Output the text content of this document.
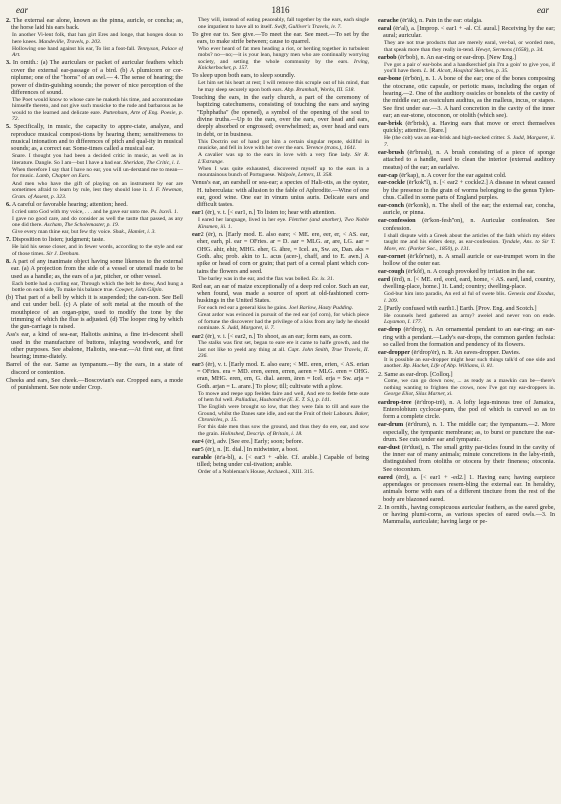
ear	1816	ear

2. The external ear alone, known as the pinna, auricle, or concha; as, the horse laid his ears back.

In another Vi-lent folk, that han girt Eres and longe, that hongen doun to here knees. Mandeville, Travels, p. 203.

Hollowing one hand against his ear, To list a foot-fall. Tennyson, Palace of Art.

3. In ornith.: (a) The auriculars or packet of auricular feathers which cover the external ear-passage of a bird. (b) A plumicorn or cor-niplume; one of the "horns" of an owl.— 4. The sense of hearing; the power of distin-guishing sounds; the power of nice perception of the differences of sound.

The Poet would know to whose care he maketh his time, and accommodate himselfe thereto, and not give such musicke to the rude and barbarous as he would to the learned and delicate eare. Puttenham, Arte of Eng. Poesie, p. 72.

5. Specifically, in music, the capacity to appre-ciate, analyze, and reproduce musical composi-tions by hearing them; sensitiveness to musical intonation and to differences of pitch and qual-ity in musical sounds; as, a correct ear. Some-times called a musical ear.

Snare. I thought you had been a decided critic in music, as well as in literature. Dangle. So I am—but I have a bad ear. Sheridan, The Critic, i. 1.

When therefore I say that I have no ear, you will un-derstand me to mean—for music. Lamb, Chapter on Ears.

And men who have the gift of playing on an instrument by ear are sometimes afraid to learn by rule, lest they should lose it. J. F. Newman, Gram. of Assent, p. 323.

6. A careful or favorable hearing; attention; heed.

I cried unto God with my voice, . . . and he gave ear unto me. Ps. lxxvii. 1.

I gave no good care, and do consider as well the tastte that passed, as any one did there. Ascham, The Scholemaster, p. 19.

Give every man thine ear, but few thy voice. Shak., Hamlet, i. 3.

7. Disposition to listen; judgment; taste.

He laid his sense closer, and in fewer words, according to the style and ear of those times. Sir J. Denham.

8. A part of any inanimate object having some likeness to the external ear. (a) A projection from the side of a vessel or utensil made to be used as a handle; as, the ears of a jar, pitcher, or other vessel.

Each bottle had a curling ear, Through which the belt he drew, And hung a bottle on each side, To make his balance true. Cowper, John Gilpin.

(b) That part of a bell by which it is suspended; the can-non. See Bell and cut under bell. (c) A plate of soft metal at the mouth of the mouthpiece of an organ-pipe, used to modify the tone by the trimming of which the flue is adjusted. (d) The looper ring by which the gun-carriage is raised.

Ass's ear, a kind of sea-ear, Haliotis asinina, a fine iri-descent shell used in the manufacture of buttons, inlaying woodwork, and for other purposes. See abalone, Haliotis, sea-ear.—At first ear, at first hearing; imme-diately.

Barrel of the ear. Same as tympanum.—By the ears, in a state of discord or contention.

Cheeks and ears, See cheek.—Boscovian's ear. Cropped ears, a mode of punishment. See note under Crop.

They will, instead of eating peaceably, fall together by the ears, each single one impatient to have all to itself. Swift, Gulliver's Travels, iv. 7.

To give ear to. See give.—To meet the ear. See meet.—To set by the ears, to make strife between; cause to quarrel.

Who ever heard of fat men heading a riot, or herding together in turbulent mobs? no—no;—it is your lean, hungry men who are continually worrying society, and setting the whole community by the ears. Irving, Knickerbocker, p. 157.

To sleep upon both ears, to sleep soundly.

Let him set his heart at rest; I will remove this scruple out of his mind, that he may sleep securely upon both ears. Abp. Bramhall, Works, III. 518.

Touching the ears, in the early church, a part of the ceremony of baptizing catechumens, consisting of touching the ears and saying "Ephphatha" (be opened), a symbol of the opening of the soul to divine truths.—Up to the ears, over the ears, over head and ears, deeply absorbed or engrossed; overwhelmed; as, over head and ears in debt, or in business.

This Doctrin out of hand got him a certain singular repute, skillful in musicke, and fell in love with her over the ears. Terence (trans.), 1641.

A cavalier was up to the ears in love with a very fine lady. Sir R. L'Estrange.

When I was quite exhausted, discovered myself up to the ears in a mountainous bunch of Portuguese. Walpole, Letters, II. 358.

Venus's ear, an earshell or sea-ear; a species of Hali-otis, as the oyster, H. tuberculata: with allusion to the fable of Aphrodite.—Wine of one ear, good wine. One ear in vinum unius auris. Delicate ears and difficult tastes.

ear1 (ēr), v. t. [< ear1, n.] To listen to; hear with attention.

I eared her language, lived in her eye. Fletcher (and another), Two Noble Kinsmen, iii. 1.

ear2 (ēr), n. [Early mod. E. also eare; < ME. ere, eer, er, < AS. ear, eher, earh, pl. ear = OFries. ar = D. aar = MLG. ar, are, LG. aar = OHG. ahir, ehir, MHG. eher, G. ähre, = Icel. ax, Sw. ax, Dan. aks = Goth. ahs; prob. akin to L. acus (acer-), chaff, and to E. awn.] A spike or head of corn or grain; that part of a cereal plant which con-tains the flowers and seed.

The barley was in the ear, and the flax was bolled. Ex. ix. 31.

Red ear, an ear of maize exceptionally of a deep red color. Such an ear, when found, was made a source of sport at old-fashioned corn-huskings in the United States.

For each red ear a general kiss he gains. Joel Barlow, Hasty Pudding.

Great ardor was evinced in pursuit of the red ear (of corn), for which piece of fortune the discoverer had the privilege of a kiss from any lady he should nominate. S. Judd, Margaret, ii. 7.

ear2 (ēr), v. i. [< ear2, n.] To shoot, as an ear; form ears, as corn.

The stalks was first set, began to eare ere it came to halfe growth, and the last not like to yeeld any thing at all. Capt. John Smith, True Travels, II. 236.

ear3 (ēr), v. t. [Early mod. E. also eare; < ME. eren, erien, < AS. erian = OFries. era = MD. eren, eeren, erren, aeren = MLG. eren = OHG. eran, MHG. eren, ern, G. dial. aeren, ären = Icel. erja = Sw. arja = Goth. arjan = L. arare.] To plow; till; cultivate with a plow.

To mowe and reepe upp feeldes faire and well, And ere to feelde fette oute of hem ful well. Palladius, Husbondrie (E. E. T. S.), p. 141.

The English were brought so low, that they were fain to till and eare the Ground, whilst the Danes sate idle, and eat the Fruit of their Labours. Baker, Chronicles, p. 15.

For this dale men thus sow the ground, and thus they do ere, ear, and sow the grain. Holinshed, Descrip. of Britain, i. 18.

ear4 (ēr), adv. [See ere.] Early; soon; before.

ear5 (ēr), n. [E. dial.] In midwinter, a boot.

earable (ēr'a-bl), a. [< ear3 + -able. Cf. arable.] Capable of being tilled; being under cul-tivation; arable.

Order of a Nobleman's House, Archaeol., XIII. 315.

earache (ēr'āk), n. Pain in the ear: otalgia.

earal (ēr'al), a. [Improp. < ear1 + -al. Cf. aural.] Receiving by the ear; aural; auricular.

They are not true products that are merely earal, ver-bal, or worded men, that speak more than they really in-tend. Hewyt, Sermons (1658), p. 34.

earbob (ēr'bob), n. An ear-ring or ear-drop. [New Eng.]

I've got a pair o' ear-bobs and a handkerchief pin I'm a goin' to give you, if you'll have them. L. M. Alcott, Hospital Sketches, p. 35.

ear-bone (ēr'bōn), n. 1. A bone of the ear; one of the bones composing the otocrane, otic capsule, or periotic mass, including the organ of hearing.—2. One of the auditory ossicles or bonelets of the cavity of the middle ear; an ossiculum auditus, as the malleus, incus, or stapes. See first under ear.—3. A hard concretion in the cavity of the inner ear; an ear-stone, otoconon, or otolith (which see).

ear-brisk (ēr'brisk), a. Having ears that move or erect themselves quickly; attentive. [Rare.]

He (the colt) was an ear-brisk and high-necked critter. S. Judd, Margaret, ii. 7.

ear-brush (ēr'brush), n. A brush consisting of a piece of sponge attached to a handle, used to clean the interior (external auditory meatus) of the ear; an earlalve.

ear-cap (ēr'kap), n. A cover for the ear against cold.

ear-cockle (ēr'kok''l), n. [< ear2 + cockle2.] A disease in wheat caused by the presence in the grain of worms belonging to the genus Tylen-chus. Called in some parts of England purples.

ear-conch (ēr'konk), n. The shell of the ear; the external ear, concha, auricle, or pinna.

ear-confession (ēr'kon-fesh''on), n. Auricular confession. See confession.

I shall dispute with a Greek about the articles of the faith which my elders taught me and his elders deny, as ear-confession. Tyndale, Ans. to Sir T. More, etc. (Parker Soc., 1850), p. 131.

ear-cornet (ēr'kôr'net), n. A small auricle or ear-trumpet worn in the hollow of the outer ear.

ear-cough (ēr'kôf), n. A cough provoked by irritation in the ear.

eard (ērd), n. [< ME. erd, eord, eard, home, < AS. eard, land, country, dwelling-place, home.] 1t. Land; country; dwelling-place.

God-bur him into paradis, An erd al ful of swete blis. Genesis and Exodus, l. 209.

2. [Partly confused with earth1.] Earth. [Prov. Eng. and Scotch.]

He counsels herd gathered an army? aweiel and never von on ende. Layamon, I. 177.

ear-drop (ēr'drop), n. An ornamental pendant to an ear-ring; an ear-ring with a pendant.—Lady's ear-drops, the common garden fuchsia: so called from the formation and pendency of its flowers.

ear-dropper (ēr'drop'ėr), n. It. An eaves-dropper. Davies.

It is possible an ear-dropper might hear such things talk'd of one side and another. Bp. Hacket, Life of Abp. Williams, ii. 81.

2. Same as ear-drop. [Colloq.]

Come, we can go down now, ... as ready as a mawkin can be—there's nothing wanting to frighten the crows, now I've got my ear-droppers in. George Eliot, Silas Marner, xi.

eardrop-tree (ēr'drop-trē), n. A lofty legu-minous tree of Jamaica, Enterolobium cyclocar-pum, the pod of which is curved so as to form a complete circle.

ear-drum (ēr'drum), n. 1. The middle car; the tympanum.—2. More especially, the tympanic membrane; as, to burst or puncture the ear-drum. See cuts under ear and tympanic.

ear-dust (ēr'dust), n. The small gritty par-ticles found in the cavity of the inner ear of many animals; minute concretions in the laby-rinth, distinguished from otoliths or otocera by their fineness; otoconia. See otoconium.

eared (ērd), a. [< ear1 + -ed2.] 1. Having ears; having earpiece appendages or processes resem-bling the external ear. In heraldry, animals borne with ears of a different tincture from the rest of the body are blazoned eared.

2. In ornith., having conspicuous auricular feathers, as the eared grebe, or having plumi-corns, as various species of eared owls.—3. In Mammalia, auriculate; having large or pe-
